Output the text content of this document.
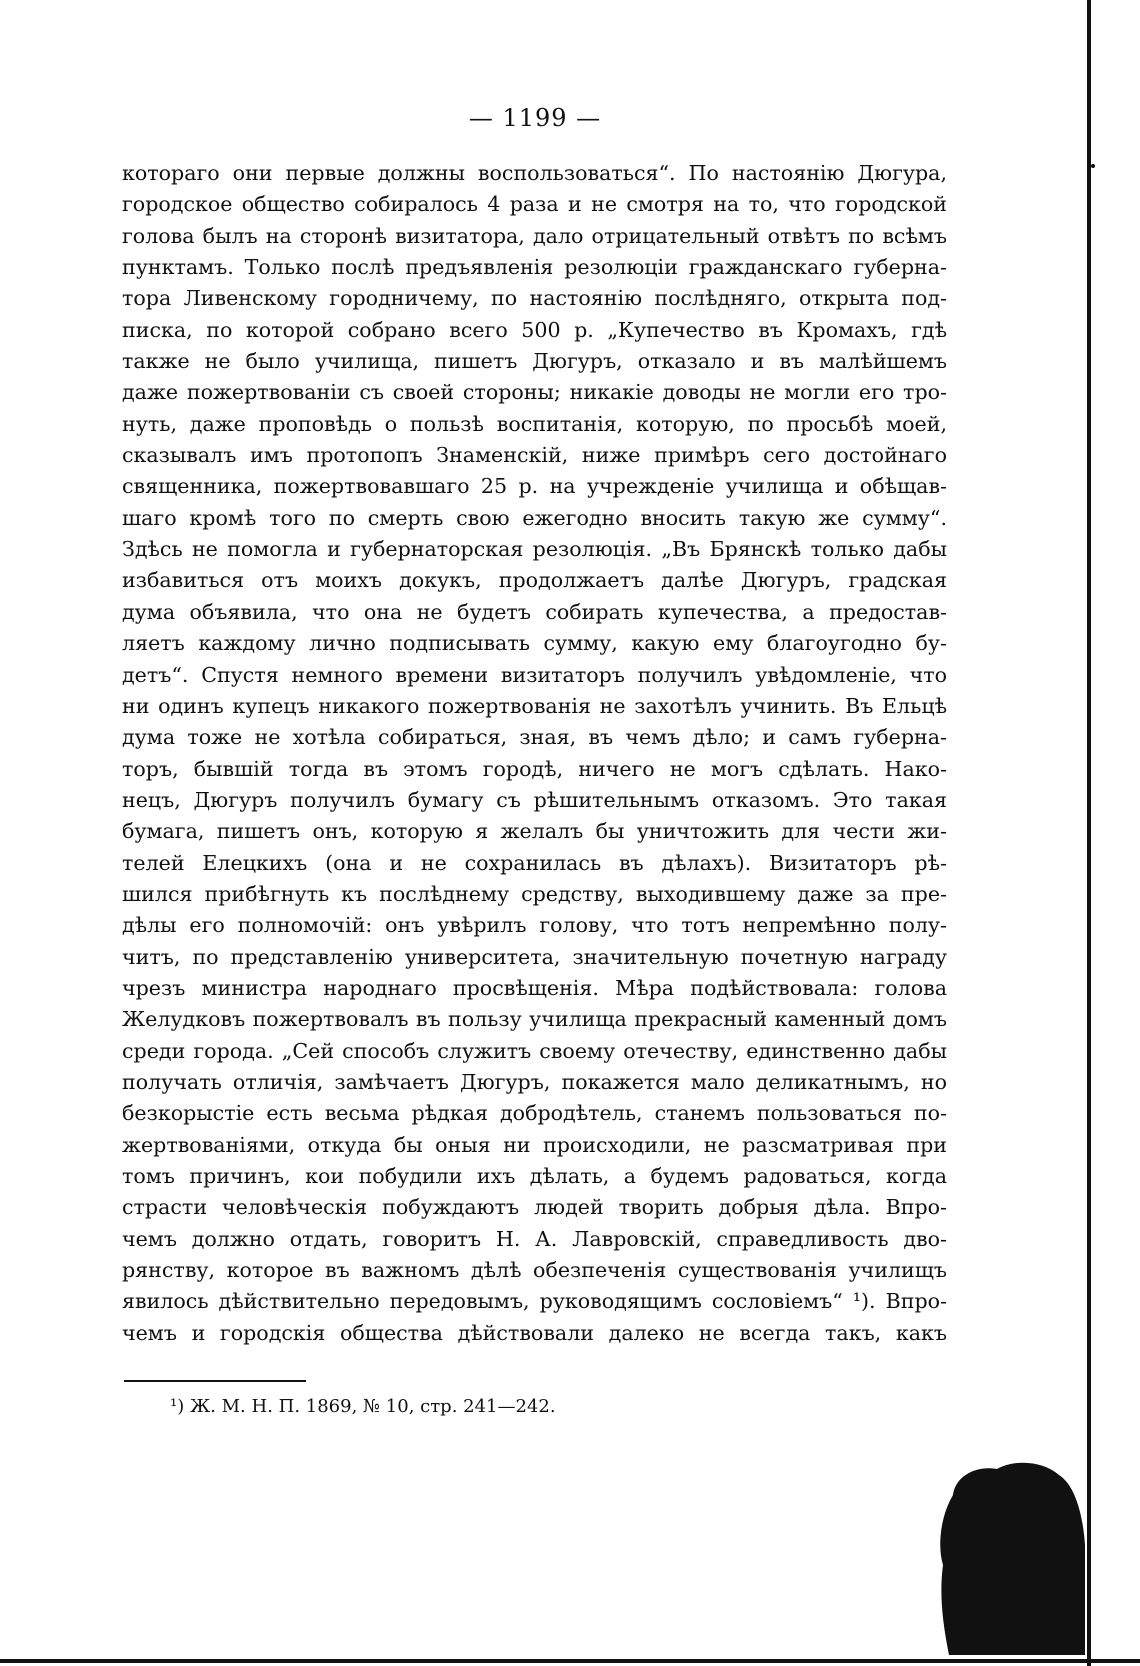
— 1199 —
котораго они первые должны воспользоваться“. По настоянію Дюгура,
городское общество собиралось 4 раза и не смотря на то, что городской
голова былъ на сторонѣ визитатора, дало отрицательный отвѣтъ по всѣмъ
пунктамъ. Только послѣ предъявленія резолюціи гражданскаго губерна-
тора Ливенскому городничему, по настоянію послѣдняго, открыта под-
писка, по которой собрано всего 500 р. „Купечество въ Кромахъ, гдѣ
также не было училища, пишетъ Дюгуръ, отказало и въ малѣйшемъ
даже пожертвованіи съ своей стороны; никакіе доводы не могли его тро-
нуть, даже проповѣдь о пользѣ воспитанія, которую, по просьбѣ моей,
сказывалъ имъ протопопъ Знаменскій, ниже примѣръ сего достойнаго
священника, пожертвовавшаго 25 р. на учрежденіе училища и обѣщав-
шаго кромѣ того по смерть свою ежегодно вносить такую же сумму“.
Здѣсь не помогла и губернаторская резолюція. „Въ Брянскѣ только дабы
избавиться отъ моихъ докукъ, продолжаетъ далѣе Дюгуръ, градская
дума объявила, что она не будетъ собирать купечества, а предостав-
ляетъ каждому лично подписывать сумму, какую ему благоугодно бу-
детъ“. Спустя немного времени визитаторъ получилъ увѣдомленіе, что
ни одинъ купецъ никакого пожертвованія не захотѣлъ учинить. Въ Ельцѣ
дума тоже не хотѣла собираться, зная, въ чемъ дѣло; и самъ губерна-
торъ, бывшій тогда въ этомъ городѣ, ничего не могъ сдѣлать. Нако-
нецъ, Дюгуръ получилъ бумагу съ рѣшительнымъ отказомъ. Это такая
бумага, пишетъ онъ, которую я желалъ бы уничтожить для чести жи-
телей Елецкихъ (она и не сохранилась въ дѣлахъ). Визитаторъ рѣ-
шился прибѣгнуть къ послѣднему средству, выходившему даже за пре-
дѣлы его полномочій: онъ увѣрилъ голову, что тотъ непремѣнно полу-
читъ, по представленію университета, значительную почетную награду
чрезъ министра народнаго просвѣщенія. Мѣра подѣйствовала: голова
Желудковъ пожертвовалъ въ пользу училища прекрасный каменный домъ
среди города. „Сей способъ служитъ своему отечеству, единственно дабы
получать отличія, замѣчаетъ Дюгуръ, покажется мало деликатнымъ, но
безкорыстіе есть весьма рѣдкая добродѣтель, станемъ пользоваться по-
жертвованіями, откуда бы оныя ни происходили, не разсматривая при
томъ причинъ, кои побудили ихъ дѣлать, а будемъ радоваться, когда
страсти человѣческія побуждаютъ людей творить добрыя дѣла. Впро-
чемъ должно отдать, говоритъ Н. А. Лавровскій, справедливость дво-
рянству, которое въ важномъ дѣлѣ обезпеченія существованія училищъ
явилось дѣйствительно передовымъ, руководящимъ сословіемъ“ ¹). Впро-
чемъ и городскія общества дѣйствовали далеко не всегда такъ, какъ
¹) Ж. М. Н. П. 1869, № 10, стр. 241—242.
